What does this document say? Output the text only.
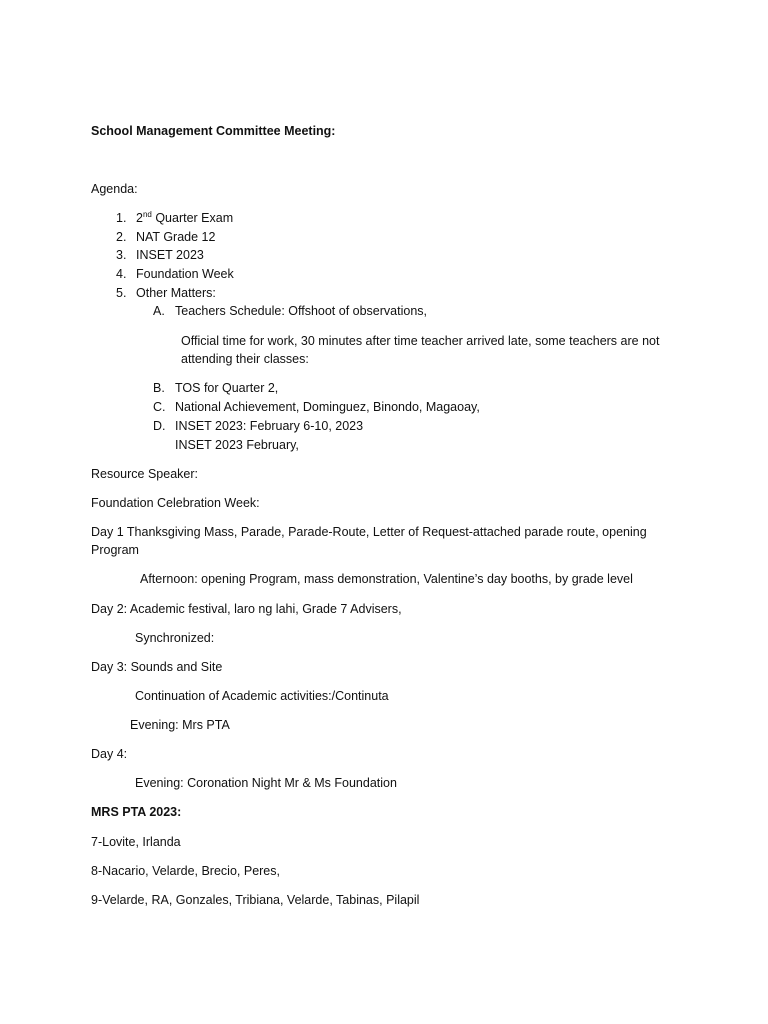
School Management Committee Meeting:
Agenda:
1. 2nd Quarter Exam
2. NAT Grade 12
3. INSET 2023
4. Foundation Week
5. Other Matters:
A. Teachers Schedule: Offshoot of observations,
Official time for work, 30 minutes after time teacher arrived late, some teachers are not
attending their classes:
B. TOS for Quarter 2,
C. National Achievement, Dominguez, Binondo, Magaoay,
D. INSET 2023: February 6-10, 2023
INSET 2023 February,
Resource Speaker:
Foundation Celebration Week:
Day 1 Thanksgiving Mass, Parade, Parade-Route, Letter of Request-attached parade route, opening
Program
Afternoon: opening Program, mass demonstration, Valentine’s day booths, by grade level
Day 2: Academic festival, laro ng lahi, Grade 7 Advisers,
Synchronized:
Day 3: Sounds and Site
Continuation of Academic activities:/Continuta
Evening: Mrs PTA
Day 4:
Evening: Coronation Night Mr & Ms Foundation
MRS PTA 2023:
7-Lovite, Irlanda
8-Nacario, Velarde, Brecio, Peres,
9-Velarde, RA, Gonzales, Tribiana, Velarde, Tabinas, Pilapil
